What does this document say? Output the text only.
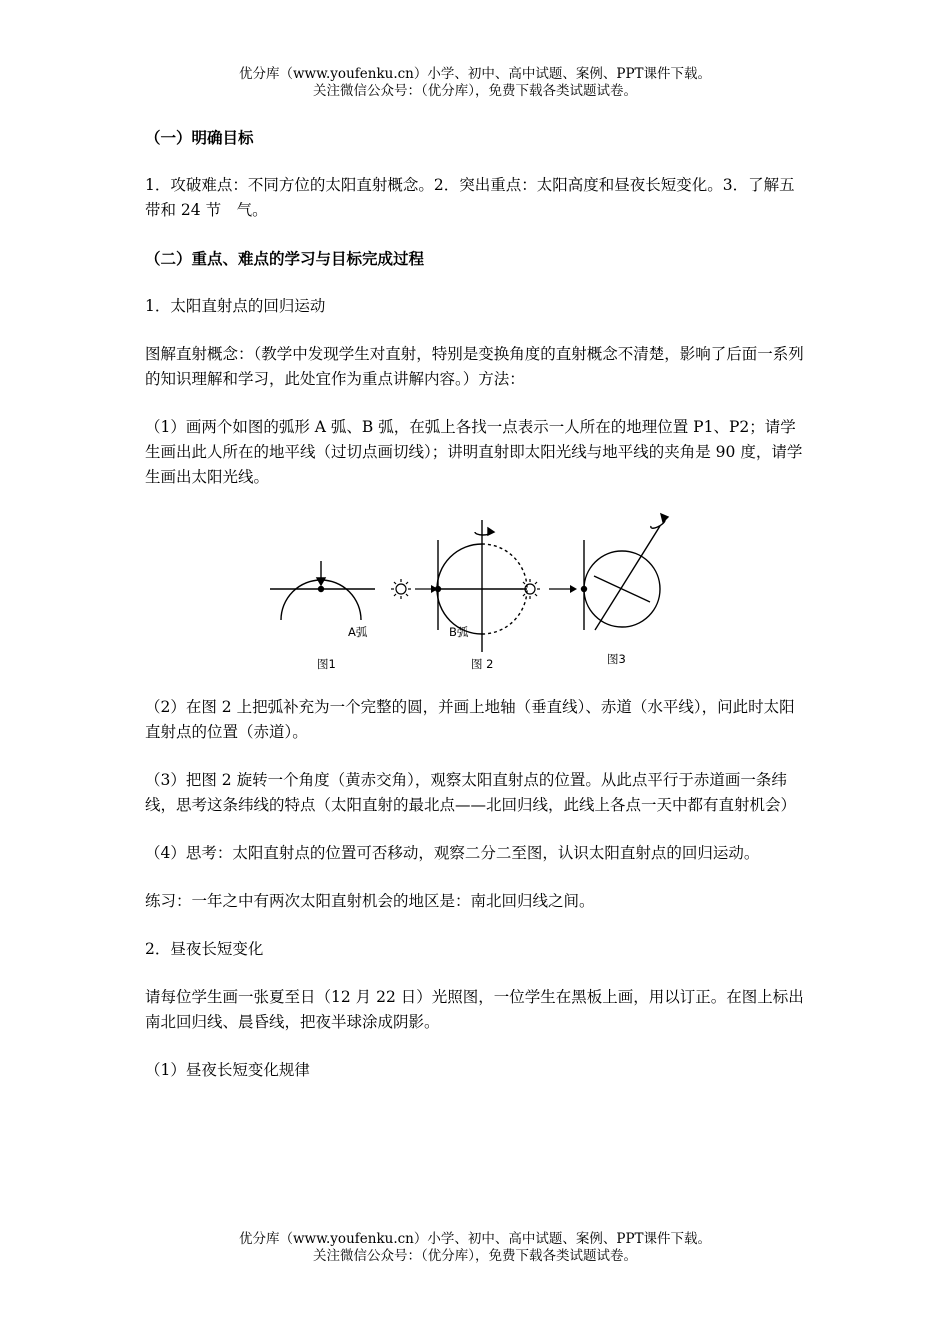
优分库（www.youfenku.cn）小学、初中、高中试题、案例、PPT课件下载。
关注微信公众号：（优分库），免费下载各类试题试卷。

（一）明确目标

1．攻破难点：不同方位的太阳直射概念。2．突出重点：太阳高度和昼夜长短变化。3．了解五带和 24 节　气。

（二）重点、难点的学习与目标完成过程

1．太阳直射点的回归运动

图解直射概念：（教学中发现学生对直射，特别是变换角度的直射概念不清楚，影响了后面一系列的知识理解和学习，此处宜作为重点讲解内容。）方法：

（1）画两个如图的弧形 A 弧、B 弧，在弧上各找一点表示一人所在的地理位置 P1、P2；请学生画出此人所在的地平线（过切点画切线）；讲明直射即太阳光线与地平线的夹角是 90 度，请学生画出太阳光线。

A弧
图1
B弧
图 2	图3

（2）在图 2 上把弧补充为一个完整的圆，并画上地轴（垂直线）、赤道（水平线），问此时太阳直射点的位置（赤道）。

（3）把图 2 旋转一个角度（黄赤交角），观察太阳直射点的位置。从此点平行于赤道画一条纬线，思考这条纬线的特点（太阳直射的最北点——北回归线，此线上各点一天中都有直射机会）

（4）思考：太阳直射点的位置可否移动，观察二分二至图，认识太阳直射点的回归运动。

练习：一年之中有两次太阳直射机会的地区是：南北回归线之间。

2．昼夜长短变化

请每位学生画一张夏至日（12 月 22 日）光照图，一位学生在黑板上画，用以订正。在图上标出南北回归线、晨昏线，把夜半球涂成阴影。

（1）昼夜长短变化规律

优分库（www.youfenku.cn）小学、初中、高中试题、案例、PPT课件下载。
关注微信公众号：（优分库），免费下载各类试题试卷。
